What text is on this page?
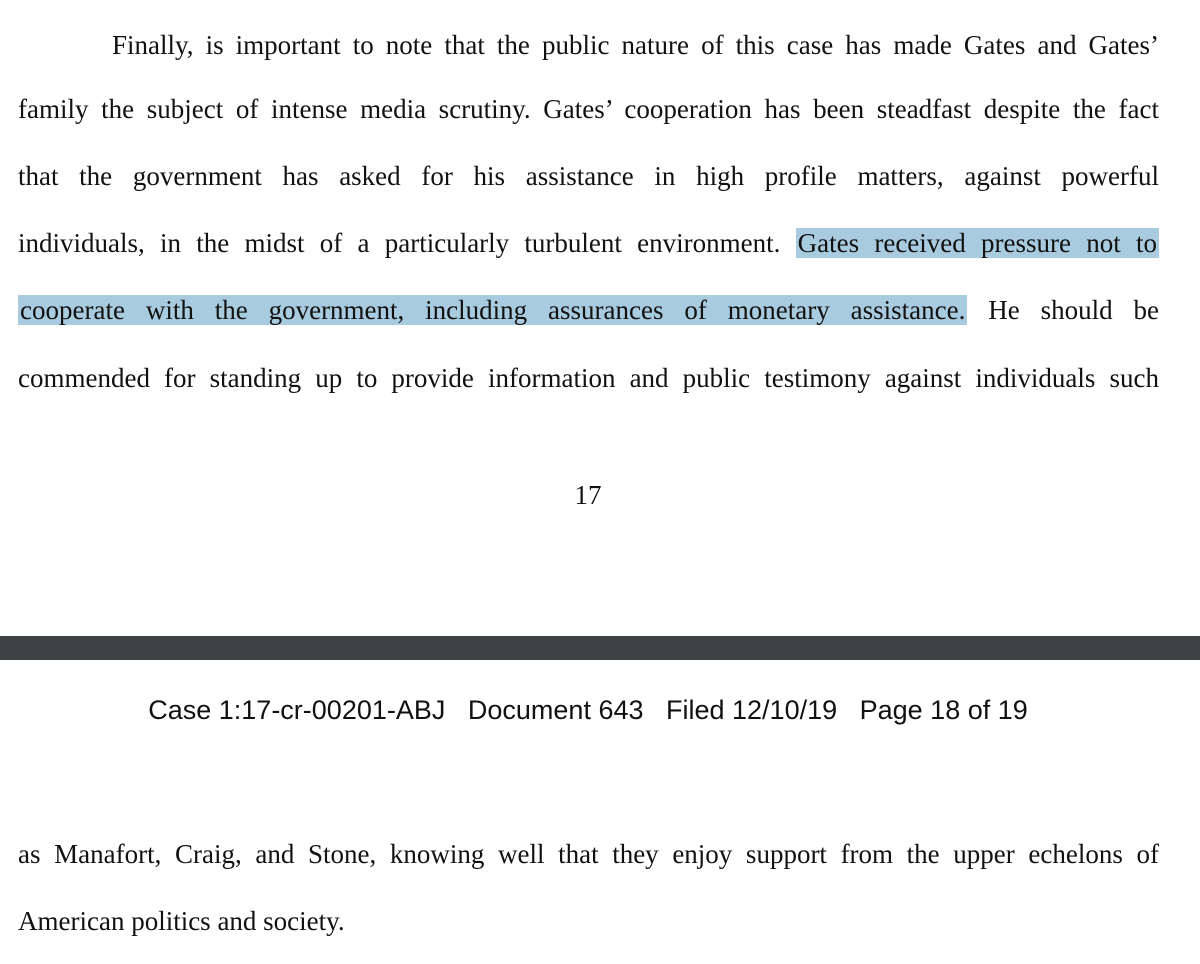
Finally, is important to note that the public nature of this case has made Gates and Gates’
family the subject of intense media scrutiny. Gates’ cooperation has been steadfast despite the fact
that the government has asked for his assistance in high profile matters, against powerful
individuals, in the midst of a particularly turbulent environment. Gates received pressure not to
cooperate with the government, including assurances of monetary assistance. He should be
commended for standing up to provide information and public testimony against individuals such
17
Case 1:17-cr-00201-ABJ   Document 643   Filed 12/10/19   Page 18 of 19
as Manafort, Craig, and Stone, knowing well that they enjoy support from the upper echelons of
American politics and society.
